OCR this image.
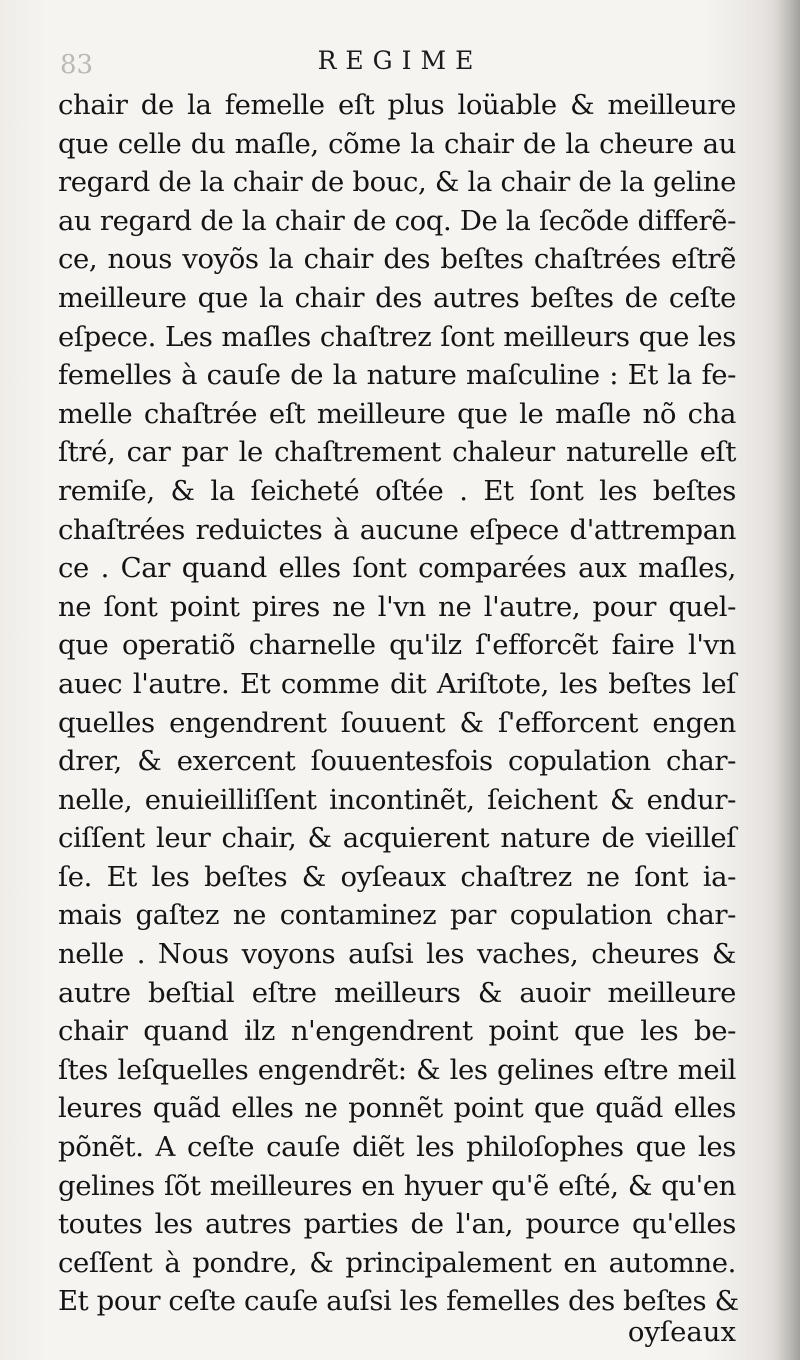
83	REGIME
chair de la femelle eſt plus loüable & meilleure
que celle du maſle, cõme la chair de la cheure au
regard de la chair de bouc, & la chair de la geline
au regard de la chair de coq. De la ſecõde differẽ-
ce, nous voyõs la chair des beſtes chaſtrées eſtrẽ
meilleure que la chair des autres beſtes de ceſte
eſpece. Les maſles chaſtrez ſont meilleurs que les
femelles à cauſe de la nature maſculine : Et la fe-
melle chaſtrée eſt meilleure que le maſle nõ cha
ſtré, car par le chaſtrement chaleur naturelle eſt
remiſe, & la ſeicheté oſtée . Et ſont les beſtes
chaſtrées reduictes à aucune eſpece d'attrempan
ce . Car quand elles ſont comparées aux maſles,
ne ſont point pires ne l'vn ne l'autre, pour quel-
que operatiõ charnelle qu'ilz ſ'efforcẽt faire l'vn
auec l'autre. Et comme dit Ariſtote, les beſtes leſ
quelles engendrent ſouuent & ſ'efforcent engen
drer, & exercent ſouuentesfois copulation char-
nelle, enuieilliſſent incontinẽt, ſeichent & endur-
ciſſent leur chair, & acquierent nature de vieilleſ
ſe. Et les beſtes & oyſeaux chaſtrez ne ſont ia-
mais gaſtez ne contaminez par copulation char-
nelle . Nous voyons auſsi les vaches, cheures &
autre beſtial eſtre meilleurs & auoir meilleure
chair quand ilz n'engendrent point que les be-
ſtes leſquelles engendrẽt: & les gelines eſtre meil
leures quãd elles ne ponnẽt point que quãd elles
põnẽt. A ceſte cauſe diẽt les philoſophes que les
gelines ſõt meilleures en hyuer qu'ẽ eſté, & qu'en
toutes les autres parties de l'an, pource qu'elles
ceſſent à pondre, & principalement en automne.
Et pour ceſte cauſe auſsi les femelles des beſtes &
oyſeaux
